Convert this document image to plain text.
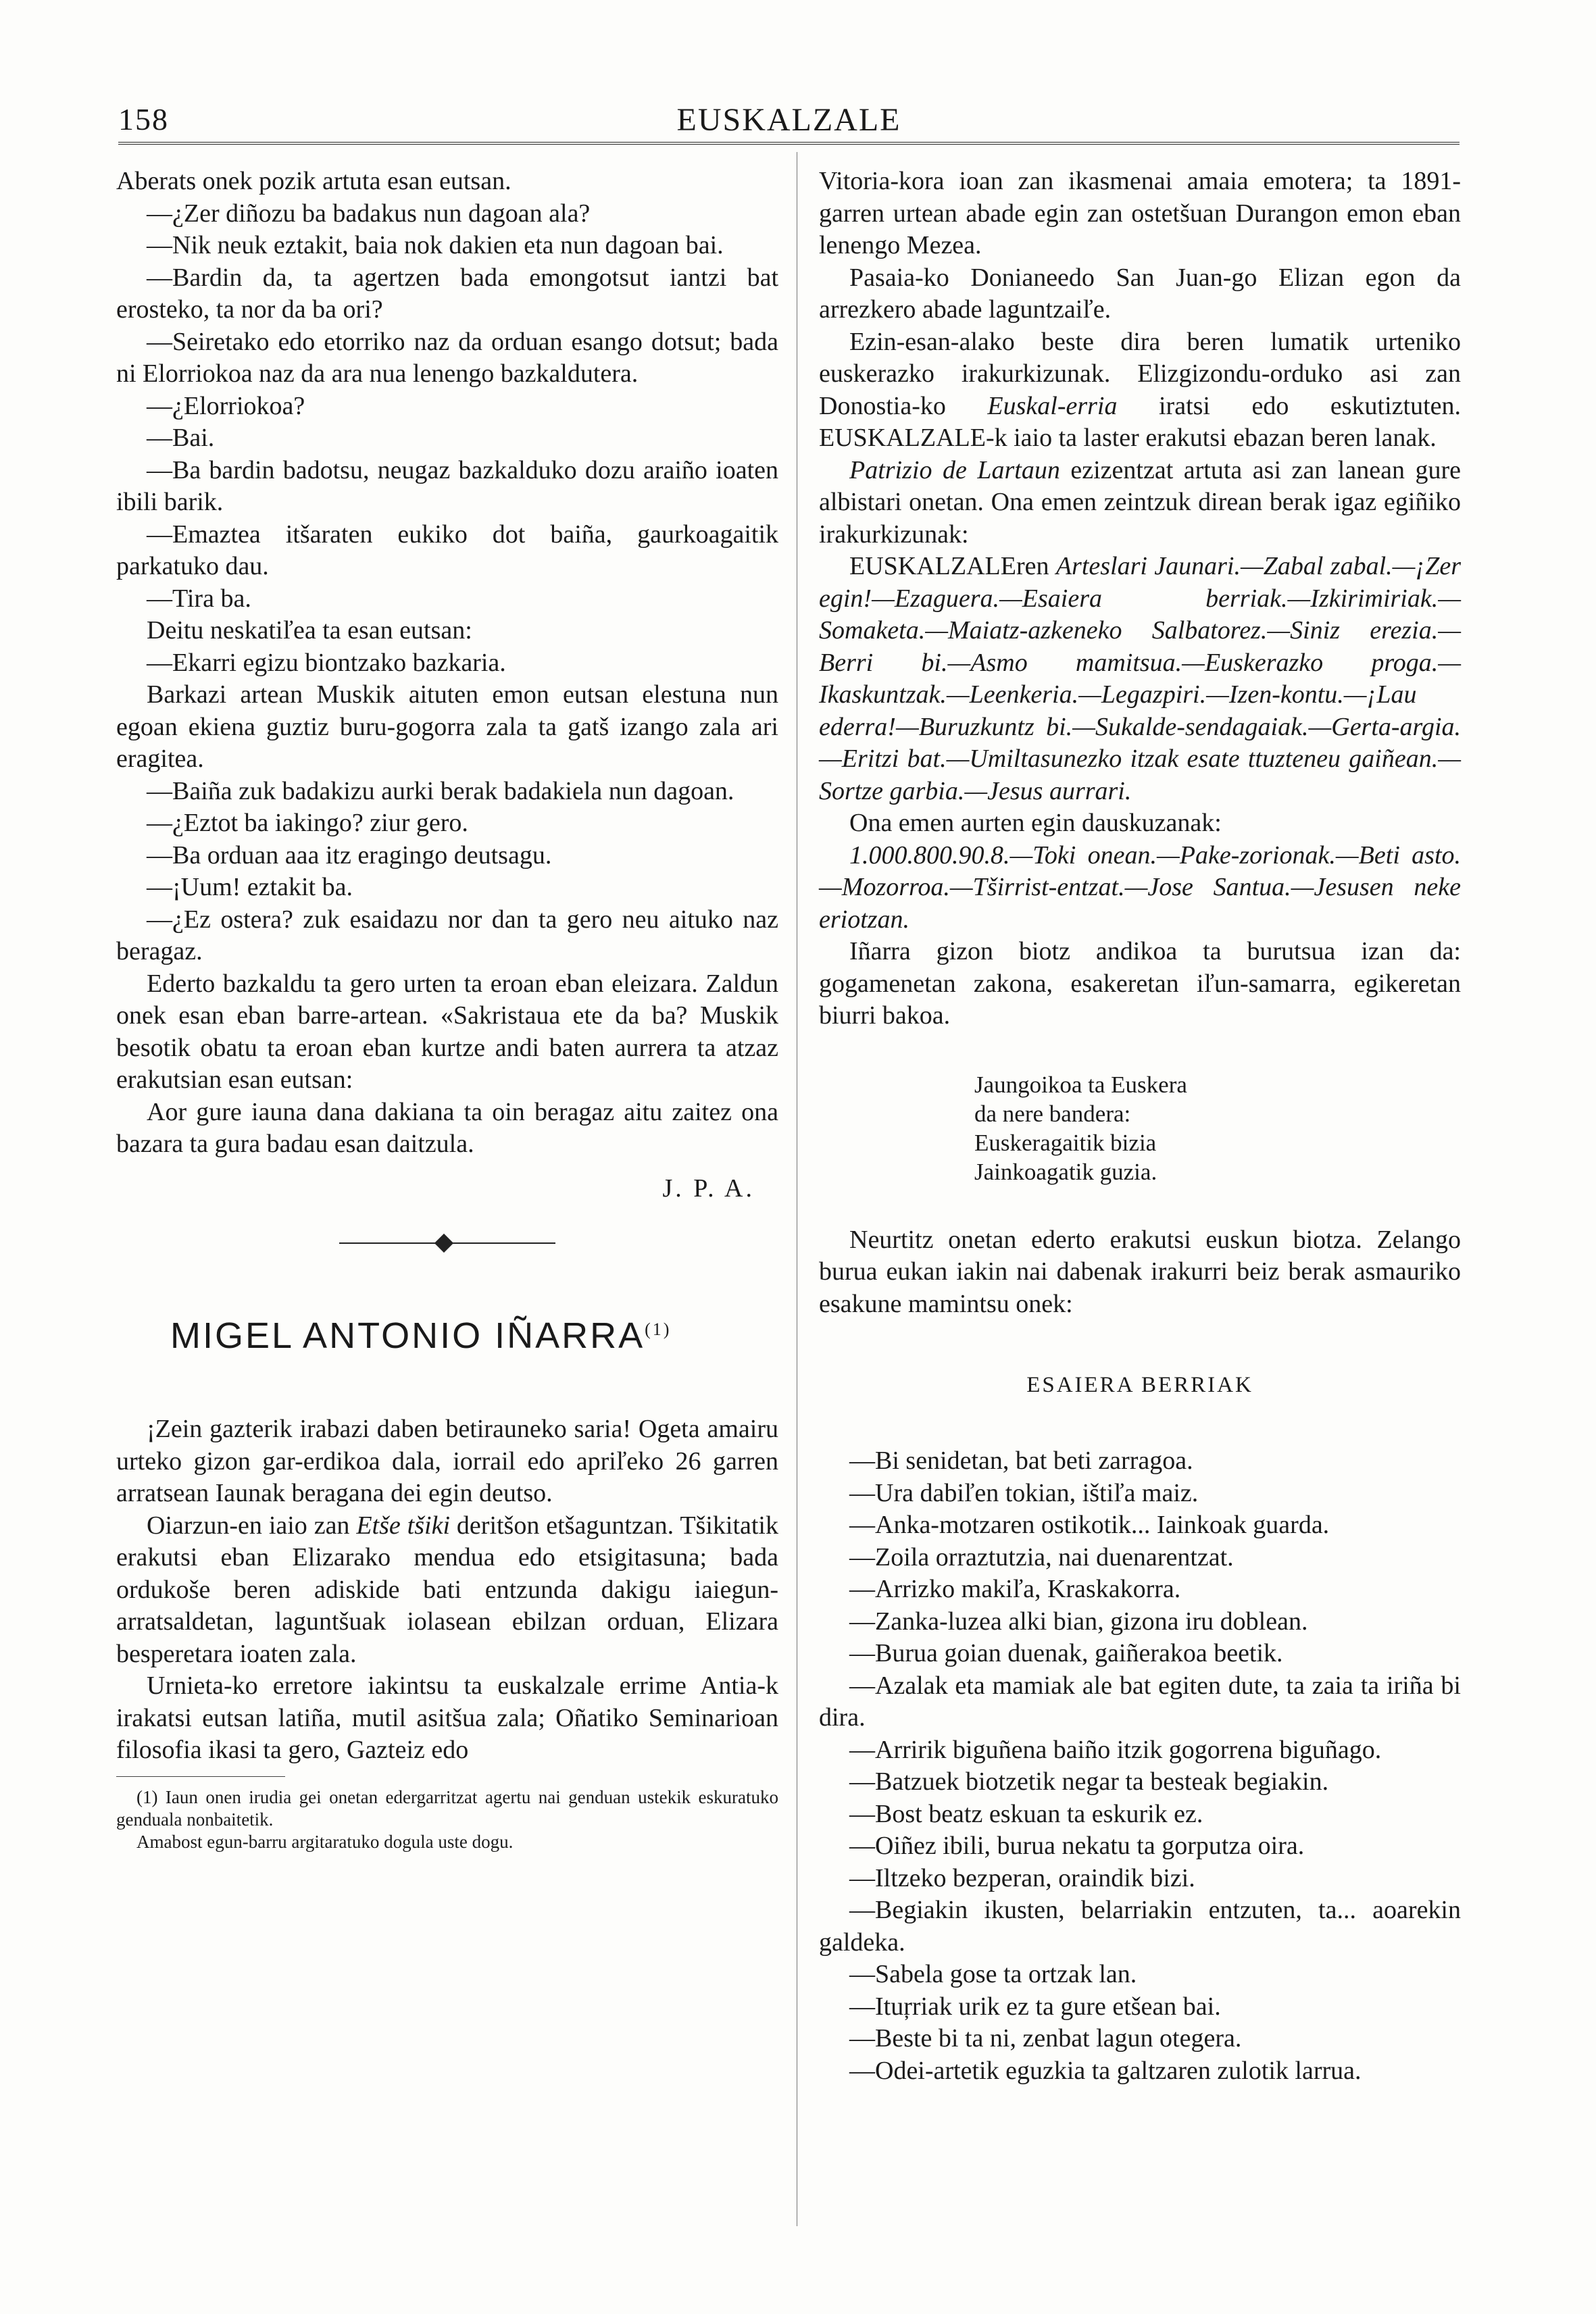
158	EUSKALZALE

Aberats onek pozik artuta esan eutsan.

—¿Zer diñozu ba badakus nun dagoan ala?

—Nik neuk eztakit, baia nok dakien eta nun dagoan bai.

—Bardin da, ta agertzen bada emongotsut iantzi bat erosteko, ta nor da ba ori?

—Seiretako edo etorriko naz da orduan esango dotsut; bada ni Elorriokoa naz da ara nua lenengo bazkaldutera.

—¿Elorriokoa?

—Bai.

—Ba bardin badotsu, neugaz bazkalduko dozu araiño ioaten ibili barik.

—Emaztea itšaraten eukiko dot baiña, gaurkoagaitik parkatuko dau.

—Tira ba.

Deitu neskatiľea ta esan eutsan:

—Ekarri egizu biontzako bazkaria.

Barkazi artean Muskik aituten emon eutsan elestuna nun egoan ekiena guztiz buru-gogorra zala ta gatš izango zala ari eragitea.

—Baiña zuk badakizu aurki berak badakiela nun dagoan.

—¿Eztot ba iakingo? ziur gero.

—Ba orduan aaa itz eragingo deutsagu.

—¡Uum! eztakit ba.

—¿Ez ostera? zuk esaidazu nor dan ta gero neu aituko naz beragaz.

Ederto bazkaldu ta gero urten ta eroan eban eleizara. Zaldun onek esan eban barre-artean. «Sakristaua ete da ba? Muskik besotik obatu ta eroan eban kurtze andi baten aurrera ta atzaz erakutsian esan eutsan:

Aor gure iauna dana dakiana ta oin beragaz aitu zaitez ona bazara ta gura badau esan daitzula.

J. P. A.

MIGEL ANTONIO IÑARRA$^{(1)}$

¡Zein gazterik irabazi daben betirauneko saria! Ogeta amairu urteko gizon gar-erdikoa dala, iorrail edo apriľeko 26 garren arratsean Iaunak beragana dei egin deutso.

Oiarzun-en iaio zan Etše tšiki deritšon etšaguntzan. Tšikitatik erakutsi eban Elizarako mendua edo etsigitasuna; bada ordukoše beren adiskide bati entzunda dakigu iaiegun-arratsaldetan, laguntšuak iolasean ebilzan orduan, Elizara besperetara ioaten zala.

Urnieta-ko erretore iakintsu ta euskalzale errime Antia-k irakatsi eutsan latiña, mutil asitšua zala; Oñatiko Seminarioan filosofia ikasi ta gero, Gazteiz edo

(1) Iaun onen irudia gei onetan edergarritzat agertu nai genduan ustekik eskuratuko genduala nonbaitetik.
Amabost egun-barru argitaratuko dogula uste dogu.

Vitoria-kora ioan zan ikasmenai amaia emotera; ta 1891-garren urtean abade egin zan ostetšuan Durangon emon eban lenengo Mezea.

Pasaia-ko Donianeedo San Juan-go Elizan egon da arrezkero abade laguntzaiľe.

Ezin-esan-alako beste dira beren lumatik urteniko euskerazko irakurkizunak. Elizgizondu-orduko asi zan Donostia-ko Euskal-erria iratsi edo eskutiztuten. EUSKALZALE-k iaio ta laster erakutsi ebazan beren lanak.

Patrizio de Lartaun ezizentzat artuta asi zan lanean gure albistari onetan. Ona emen zeintzuk direan berak igaz egiñiko irakurkizunak:

EUSKALZALEren Arteslari Jaunari.—Zabal zabal.—¡Zer egin!—Ezaguera.—Esaiera berriak.—Izkirimiriak.—Somaketa.—Maiatz-azkeneko Salbatorez.—Siniz erezia.—Berri bi.—Asmo mamitsua.—Euskerazko proga.—Ikaskuntzak.—Leenkeria.—Legazpiri.—Izen-kontu.—¡Lau ederra!—Buruzkuntz bi.—Sukalde-sendagaiak.—Gerta-argia.—Eritzi bat.—Umiltasunezko itzak esate ttuzteneu gaiñean.—Sortze garbia.—Jesus aurrari.

Ona emen aurten egin dauskuzanak:

1.000.800.90.8.—Toki onean.—Pake-zorionak.—Beti asto.—Mozorroa.—Tširrist-entzat.—Jose Santua.—Jesusen neke eriotzan.

Iñarra gizon biotz andikoa ta burutsua izan da: gogamenetan zakona, esakeretan iľun-samarra, egikeretan biurri bakoa.

Jaungoikoa ta Euskera
da nere bandera:
Euskeragaitik bizia
Jainkoagatik guzia.

Neurtitz onetan ederto erakutsi euskun biotza. Zelango burua eukan iakin nai dabenak irakurri beiz berak asmauriko esakune mamintsu onek:

ESAIERA BERRIAK

—Bi senidetan, bat beti zarragoa.

—Ura dabiľen tokian, ištiľa maiz.

—Anka-motzaren ostikotik... Iainkoak guarda.

—Zoila orraztutzia, nai duenarentzat.

—Arrizko makiľa, Kraskakorra.

—Zanka-luzea alki bian, gizona iru doblean.

—Burua goian duenak, gaiñerakoa beetik.

—Azalak eta mamiak ale bat egiten dute, ta zaia ta iriña bi dira.

—Arririk biguñena baiño itzik gogorrena biguñago.

—Batzuek biotzetik negar ta besteak begiakin.

—Bost beatz eskuan ta eskurik ez.

—Oiñez ibili, burua nekatu ta gorputza oira.

—Iltzeko bezperan, oraindik bizi.

—Begiakin ikusten, belarriakin entzuten, ta... aoarekin galdeka.

—Sabela gose ta ortzak lan.

—Ituŗriak urik ez ta gure etšean bai.

—Beste bi ta ni, zenbat lagun otegera.

—Odei-artetik eguzkia ta galtzaren zulotik larrua.
